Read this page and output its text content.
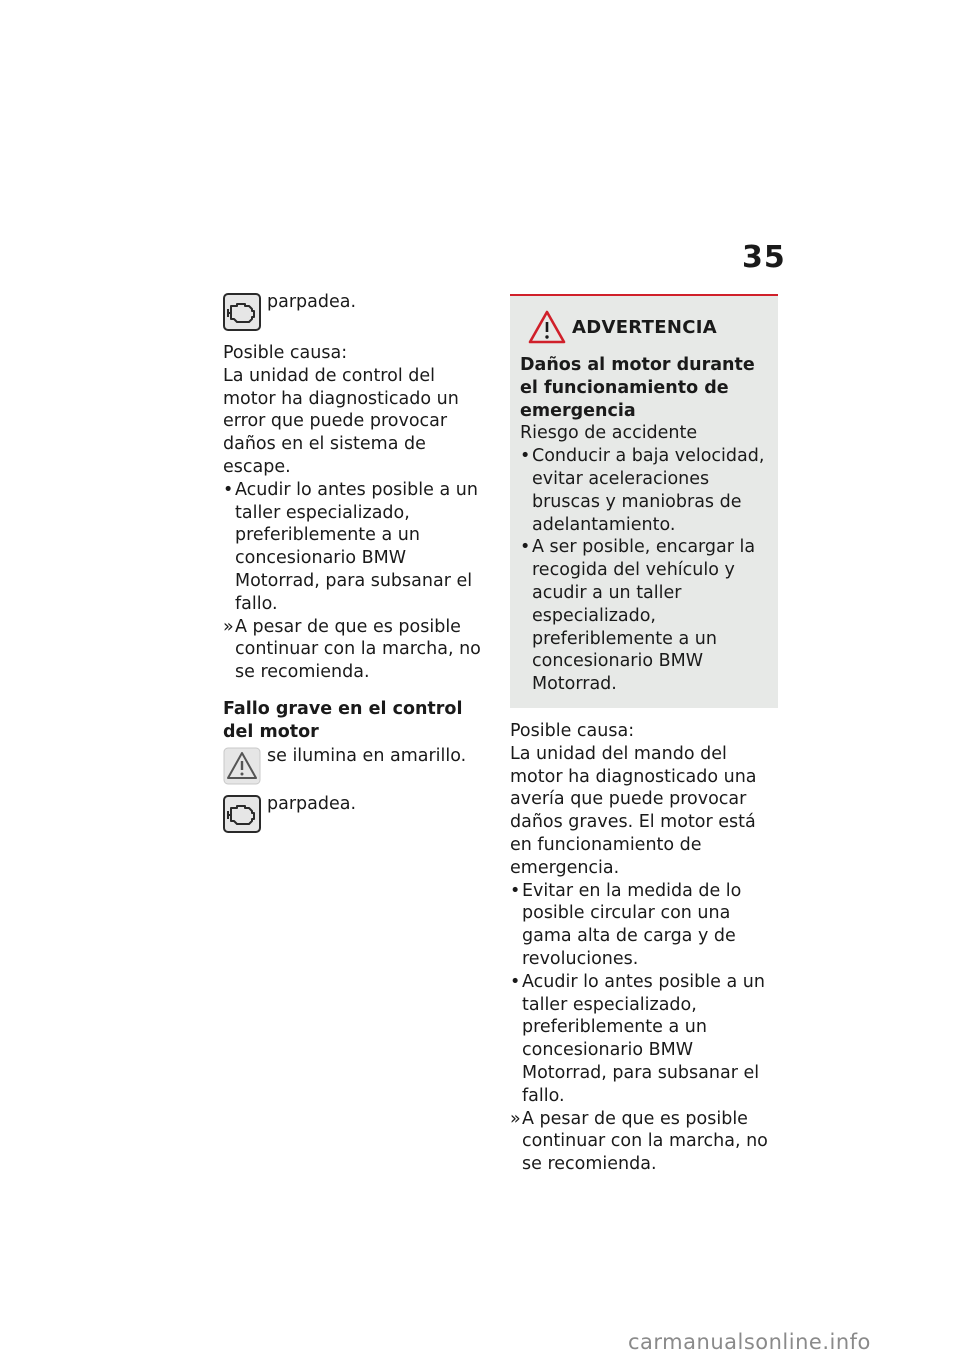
35
parpadea.

Posible causa:

La unidad de control del motor ha diagnosticado un error que puede provocar daños en el sistema de escape.

• Acudir lo antes posible a un taller especializado, preferiblemente a un concesionario BMW Motorrad, para subsanar el fallo.
» A pesar de que es posible continuar con la marcha, no se recomienda.

Fallo grave en el control del motor

se ilumina en amarillo.
parpadea.
ADVERTENCIA

Daños al motor durante el funcionamiento de emergencia

Riesgo de accidente

• Conducir a baja velocidad, evitar aceleraciones bruscas y maniobras de adelantamiento.
• A ser posible, encargar la recogida del vehículo y acudir a un taller especializado, preferiblemente a un concesionario BMW Motorrad.

Posible causa:

La unidad del mando del motor ha diagnosticado una avería que puede provocar daños graves. El motor está en funcionamiento de emergencia.

• Evitar en la medida de lo posible circular con una gama alta de carga y de revoluciones.
• Acudir lo antes posible a un taller especializado, preferiblemente a un concesionario BMW Motorrad, para subsanar el fallo.
» A pesar de que es posible continuar con la marcha, no se recomienda.
carmanualsonline.info
